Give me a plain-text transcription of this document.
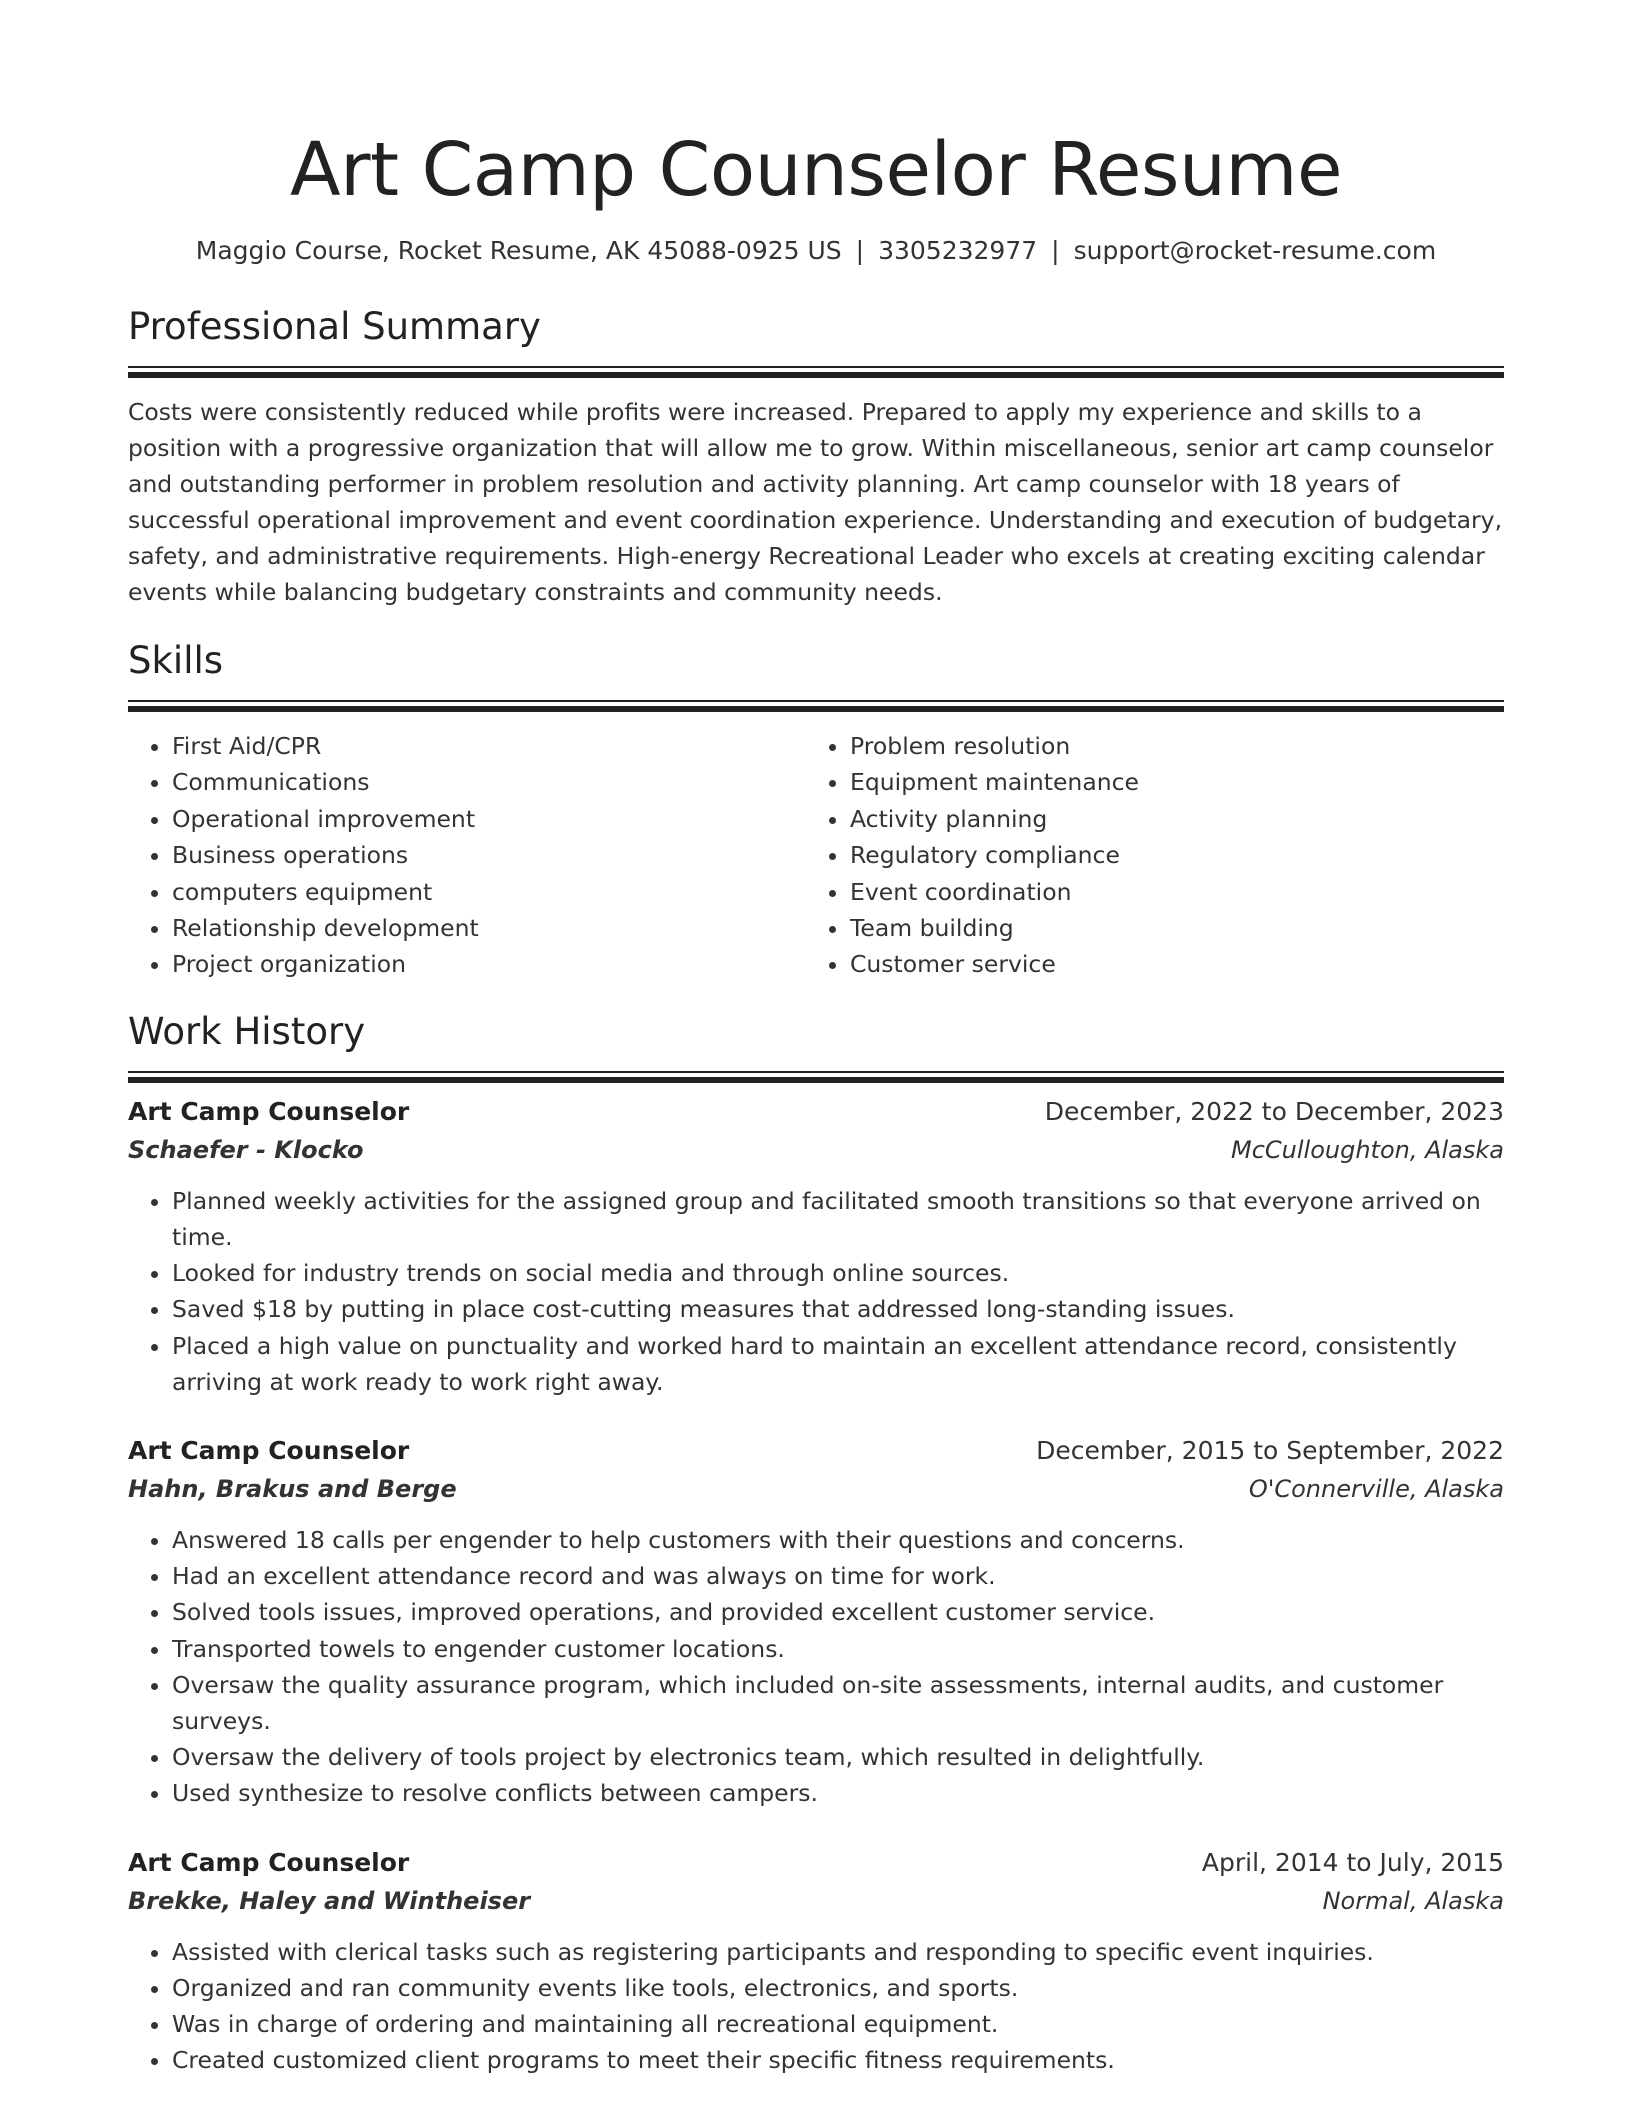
Art Camp Counselor Resume
Maggio Course, Rocket Resume, AK 45088-0925 US | 3305232977 | support@rocket-resume.com
Professional Summary

Costs were consistently reduced while profits were increased. Prepared to apply my experience and skills to a position with a progressive organization that will allow me to grow. Within miscellaneous, senior art camp counselor and outstanding performer in problem resolution and activity planning. Art camp counselor with 18 years of successful operational improvement and event coordination experience. Understanding and execution of budgetary, safety, and administrative requirements. High-energy Recreational Leader who excels at creating exciting calendar events while balancing budgetary constraints and community needs.

Skills
• First Aid/CPR
• Communications
• Operational improvement
• Business operations
• computers equipment
• Relationship development
• Project organization
• Problem resolution
• Equipment maintenance
• Activity planning
• Regulatory compliance
• Event coordination
• Team building
• Customer service
Work History
Art Camp Counselor	December, 2022 to December, 2023
Schaefer - Klocko	McCulloughton, Alaska
• Planned weekly activities for the assigned group and facilitated smooth transitions so that everyone arrived on time.
• Looked for industry trends on social media and through online sources.
• Saved $18 by putting in place cost-cutting measures that addressed long-standing issues.
• Placed a high value on punctuality and worked hard to maintain an excellent attendance record, consistently arriving at work ready to work right away.
Art Camp Counselor	December, 2015 to September, 2022
Hahn, Brakus and Berge	O'Connerville, Alaska
• Answered 18 calls per engender to help customers with their questions and concerns.
• Had an excellent attendance record and was always on time for work.
• Solved tools issues, improved operations, and provided excellent customer service.
• Transported towels to engender customer locations.
• Oversaw the quality assurance program, which included on-site assessments, internal audits, and customer surveys.
• Oversaw the delivery of tools project by electronics team, which resulted in delightfully.
• Used synthesize to resolve conflicts between campers.
Art Camp Counselor	April, 2014 to July, 2015
Brekke, Haley and Wintheiser	Normal, Alaska
• Assisted with clerical tasks such as registering participants and responding to specific event inquiries.
• Organized and ran community events like tools, electronics, and sports.
• Was in charge of ordering and maintaining all recreational equipment.
• Created customized client programs to meet their specific fitness requirements.
